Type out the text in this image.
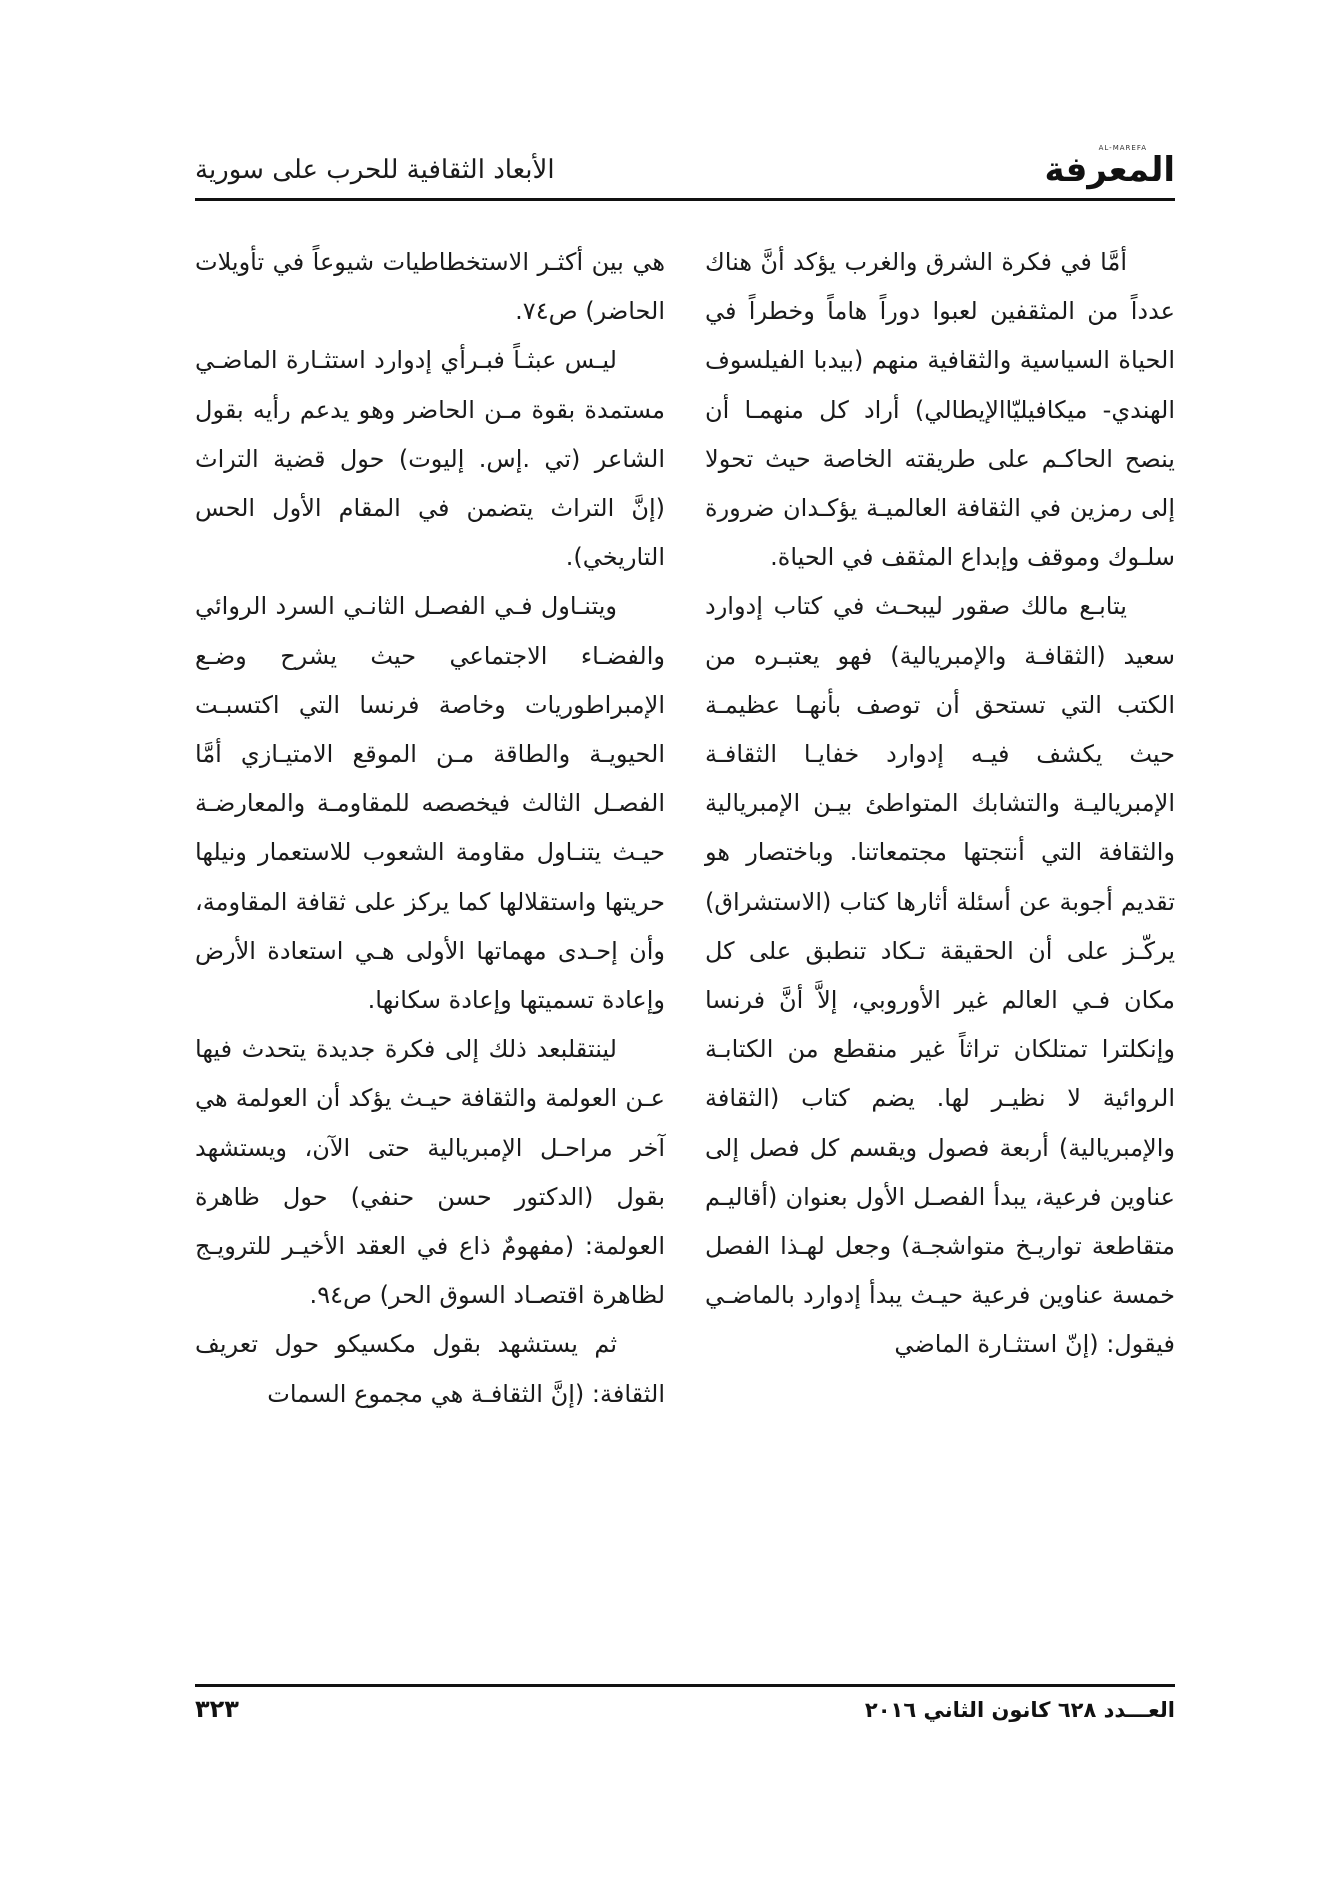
المعرفة
AL-MAREFA
الأبعاد الثقافية للحرب على سورية

أمَّا في فكرة الشرق والغرب يؤكد أنَّ هناك عدداً من المثقفين لعبوا دوراً هاماً وخطراً في الحياة السياسية والثقافية منهم (بيدبا الفيلسوف الهندي- ميكافيليّاالإيطالي) أراد كل منهمـا أن ينصح الحاكـم على طريقته الخاصة حيث تحولا إلى رمزين في الثقافة العالميـة يؤكـدان ضرورة سلـوك وموقف وإبداع المثقف في الحياة.

يتابـع مالك صقور ليبحـث في كتاب إدوارد سعيد (الثقافـة والإمبريالية) فهو يعتبـره من الكتب التي تستحق أن توصف بأنهـا عظيمـة حيث يكشف فيـه إدوارد خفايـا الثقافـة الإمبرياليـة والتشابك المتواطئ بيـن الإمبريالية والثقافة التي أنتجتها مجتمعاتنا. وباختصار هو تقديم أجوبة عن أسئلة أثارها كتاب (الاستشراق) يركّـز على أن الحقيقة تـكاد تنطبق على كل مكان فـي العالم غير الأوروبي، إلاَّ أنَّ فرنسا وإنكلترا تمتلكان تراثاً غير منقطع من الكتابـة الروائية لا نظيـر لها. يضم كتاب (الثقافة والإمبريالية) أربعة فصول ويقسم كل فصل إلى عناوين فرعية، يبدأ الفصـل الأول بعنوان (أقاليـم متقاطعة تواريـخ متواشجـة) وجعل لهـذا الفصل خمسة عناوين فرعية حيـث يبدأ إدوارد بالماضـي فيقول: (إنّ استثـارة الماضي

هي بين أكثـر الاستخطاطيات شيوعاً في تأويلات الحاضر) ص٧٤.

ليـس عبثـاً فبـرأي إدوارد استثـارة الماضـي مستمدة بقوة مـن الحاضر وهو يدعم رأيه بقول الشاعر (تي .إس. إليوت) حول قضية التراث (إنَّ التراث يتضمن في المقام الأول الحس التاريخي).

ويتنـاول فـي الفصـل الثانـي السرد الروائي والفضـاء الاجتماعي حيث يشرح وضـع الإمبراطوريات وخاصة فرنسا التي اكتسبـت الحيويـة والطاقة مـن الموقع الامتيـازي أمَّا الفصـل الثالث فيخصصه للمقاومـة والمعارضـة حيـث يتنـاول مقاومة الشعوب للاستعمار ونيلها حريتها واستقلالها كما يركز على ثقافة المقاومة، وأن إحـدى مهماتها الأولى هـي استعادة الأرض وإعادة تسميتها وإعادة سكانها.

لينتقلبعد ذلك إلى فكرة جديدة يتحدث فيها عـن العولمة والثقافة حيـث يؤكد أن العولمة هي آخر مراحـل الإمبريالية حتى الآن، ويستشهد بقول (الدكتور حسن حنفي) حول ظاهرة العولمة: (مفهومٌ ذاع في العقد الأخيـر للترويـج لظاهرة اقتصـاد السوق الحر) ص٩٤.

ثم يستشهد بقول مكسيكو حول تعريف الثقافة: (إنَّ الثقافـة هي مجموع السمات

العـــدد ٦٢٨ كانون الثاني ٢٠١٦
٣٢٣
